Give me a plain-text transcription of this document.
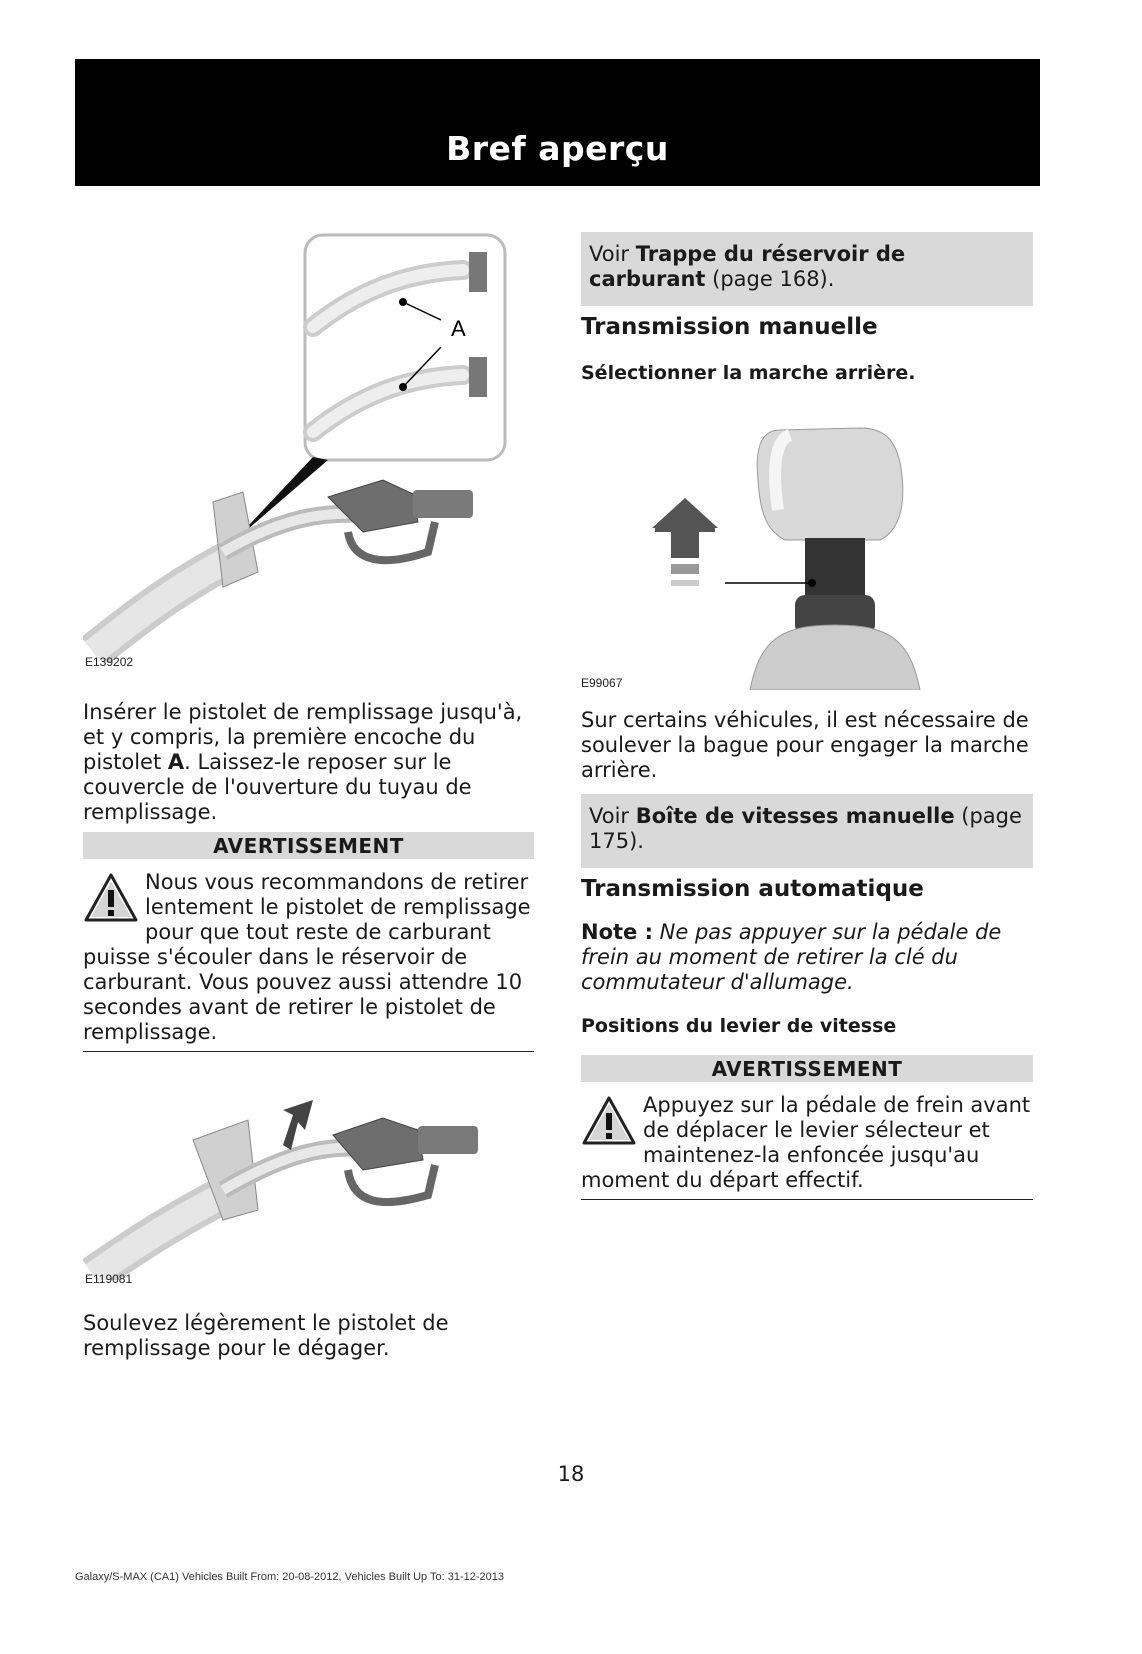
Bref aperçu
A
E139202

Insérer le pistolet de remplissage jusqu'à, et y compris, la première encoche du pistolet A. Laissez-le reposer sur le couvercle de l'ouverture du tuyau de remplissage.

AVERTISSEMENT
Nous vous recommandons de retirer lentement le pistolet de remplissage pour que tout reste de carburant puisse s'écouler dans le réservoir de carburant. Vous pouvez aussi attendre 10 secondes avant de retirer le pistolet de remplissage.
E119081

Soulevez légèrement le pistolet de remplissage pour le dégager.

Voir Trappe du réservoir de carburant (page 168).
Transmission manuelle
Sélectionner la marche arrière.
E99067

Sur certains véhicules, il est nécessaire de soulever la bague pour engager la marche arrière.

Voir Boîte de vitesses manuelle (page 175).
Transmission automatique

Note : Ne pas appuyer sur la pédale de frein au moment de retirer la clé du commutateur d'allumage.

Positions du levier de vitesse
AVERTISSEMENT
Appuyez sur la pédale de frein avant de déplacer le levier sélecteur et maintenez-la enfoncée jusqu'au moment du départ effectif.
18
Galaxy/S-MAX (CA1) Vehicles Built From: 20-08-2012, Vehicles Built Up To: 31-12-2013
